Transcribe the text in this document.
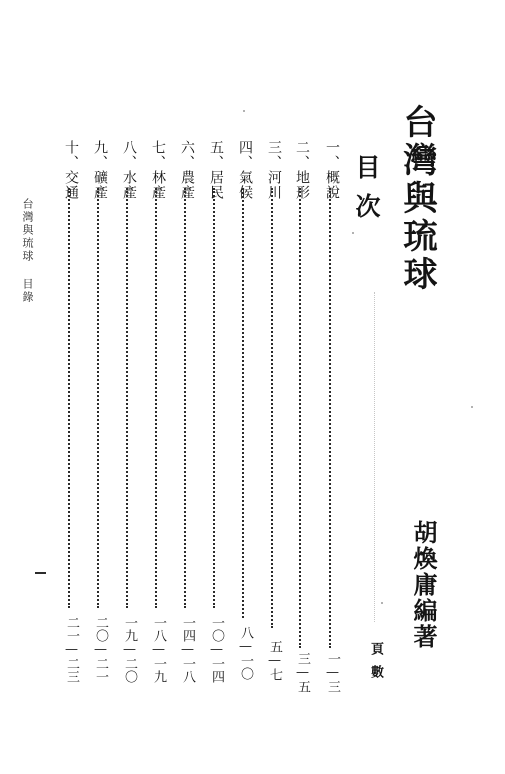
台灣與琉球
目次
胡煥庸編著
頁數
一、概說
一—三
二、地形
三—五
三、河川
五—七
四、氣候
八—一〇
五、居民
一〇—一四
六、農產
一四—一八
七、林產
一八—一九
八、水產
一九—二〇
九、礦產
二〇—二一
十、交通
二一—二三
台灣與琉球 目錄
